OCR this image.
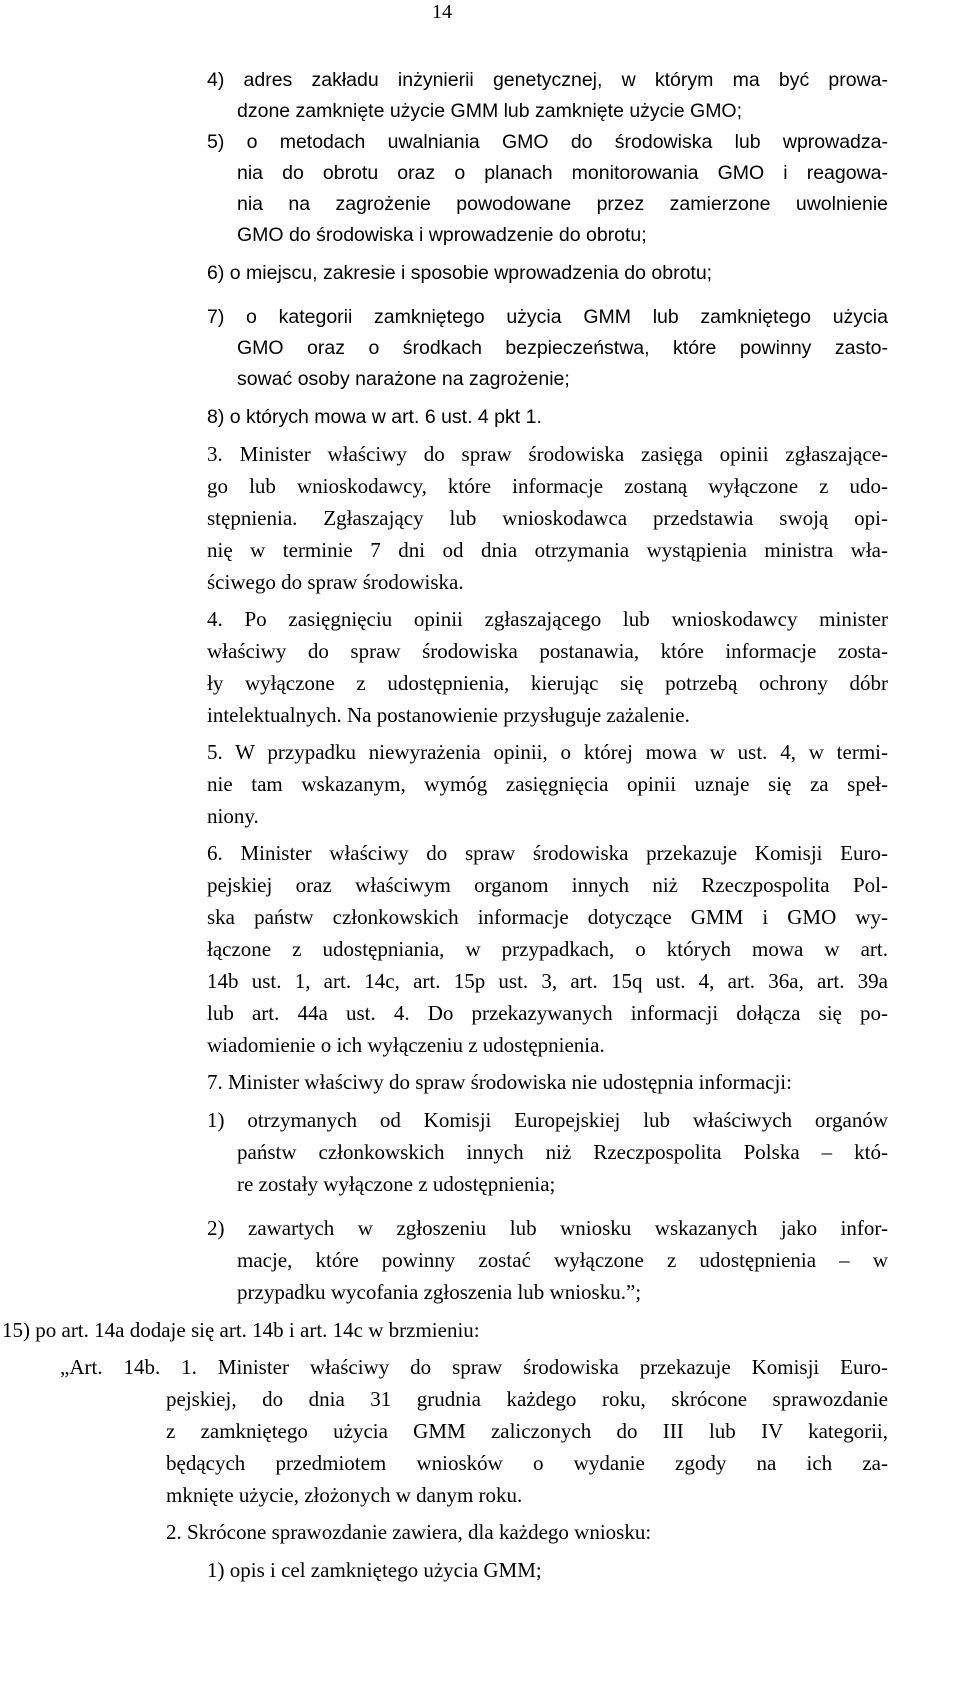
14
4) adres zakładu inżynierii genetycznej, w którym ma być prowa-
dzone zamknięte użycie GMM lub zamknięte użycie GMO;
5) o metodach uwalniania GMO do środowiska lub wprowadza-
nia do obrotu oraz o planach monitorowania GMO i reagowa-
nia na zagrożenie powodowane przez zamierzone uwolnienie
GMO do środowiska i wprowadzenie do obrotu;
6) o miejscu, zakresie i sposobie wprowadzenia do obrotu;
7) o kategorii zamkniętego użycia GMM lub zamkniętego użycia
GMO oraz o środkach bezpieczeństwa, które powinny zasto-
sować osoby narażone na zagrożenie;
8) o których mowa w art. 6 ust. 4 pkt 1.
3. Minister właściwy do spraw środowiska zasięga opinii zgłaszające-
go lub wnioskodawcy, które informacje zostaną wyłączone z udo-
stępnienia. Zgłaszający lub wnioskodawca przedstawia swoją opi-
nię w terminie 7 dni od dnia otrzymania wystąpienia ministra wła-
ściwego do spraw środowiska.
4. Po zasięgnięciu opinii zgłaszającego lub wnioskodawcy minister
właściwy do spraw środowiska postanawia, które informacje zosta-
ły wyłączone z udostępnienia, kierując się potrzebą ochrony dóbr
intelektualnych. Na postanowienie przysługuje zażalenie.
5. W przypadku niewyrażenia opinii, o której mowa w ust. 4, w termi-
nie tam wskazanym, wymóg zasięgnięcia opinii uznaje się za speł-
niony.
6. Minister właściwy do spraw środowiska przekazuje Komisji Euro-
pejskiej oraz właściwym organom innych niż Rzeczpospolita Pol-
ska państw członkowskich informacje dotyczące GMM i GMO wy-
łączone z udostępniania, w przypadkach, o których mowa w art.
14b ust. 1, art. 14c, art. 15p ust. 3, art. 15q ust. 4, art. 36a, art. 39a
lub art. 44a ust. 4. Do przekazywanych informacji dołącza się po-
wiadomienie o ich wyłączeniu z udostępnienia.
7. Minister właściwy do spraw środowiska nie udostępnia informacji:
1) otrzymanych od Komisji Europejskiej lub właściwych organów
państw członkowskich innych niż Rzeczpospolita Polska – któ-
re zostały wyłączone z udostępnienia;
2) zawartych w zgłoszeniu lub wniosku wskazanych jako infor-
macje, które powinny zostać wyłączone z udostępnienia – w
przypadku wycofania zgłoszenia lub wniosku.”;
15) po art. 14a dodaje się art. 14b i art. 14c w brzmieniu:
„Art. 14b. 1. Minister właściwy do spraw środowiska przekazuje Komisji Euro-
pejskiej, do dnia 31 grudnia każdego roku, skrócone sprawozdanie
z zamkniętego użycia GMM zaliczonych do III lub IV kategorii,
będących przedmiotem wniosków o wydanie zgody na ich za-
mknięte użycie, złożonych w danym roku.
2. Skrócone sprawozdanie zawiera, dla każdego wniosku:
1) opis i cel zamkniętego użycia GMM;
